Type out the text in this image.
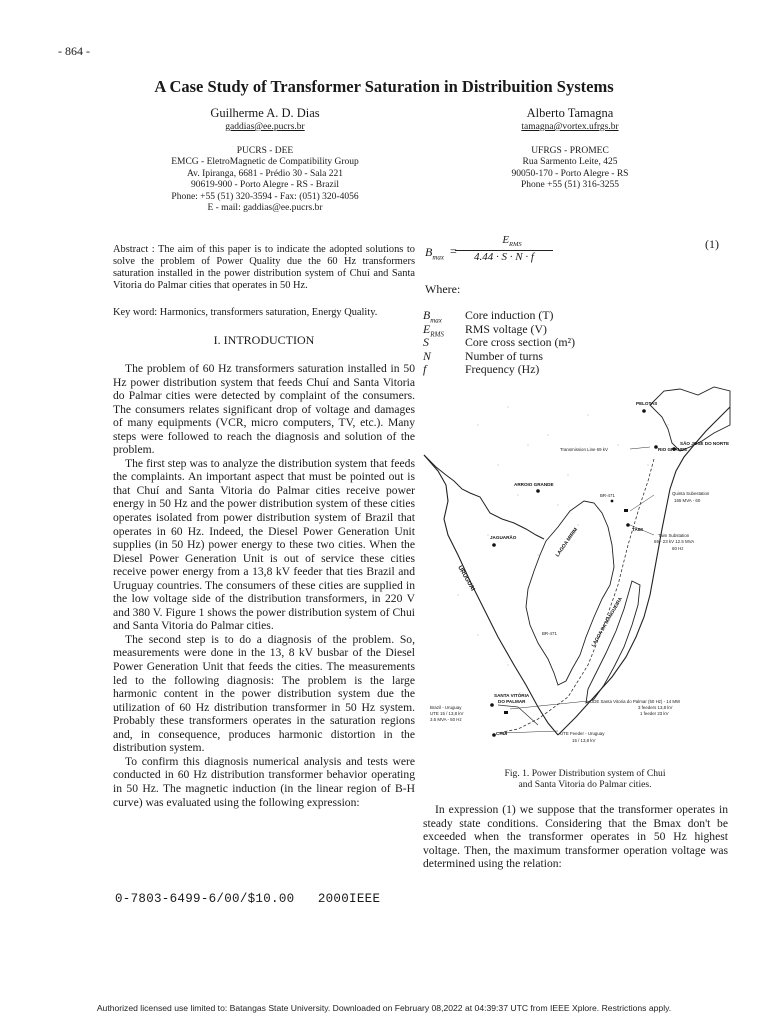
- 864 -
A Case Study of Transformer Saturation in Distribuition Systems
Guilherme A. D. Dias
gaddias@ee.pucrs.br
PUCRS - DEE
EMCG - EletroMagnetic de Compatibility Group
Av. Ipiranga, 6681 - Prédio 30 - Sala 221
90619-900 - Porto Alegre - RS - Brazil
Phone: +55 (51) 320-3594 - Fax: (051) 320-4056
E - mail: gaddias@ee.pucrs.br
Alberto Tamagna
tamagna@vortex.ufrgs.br
UFRGS - PROMEC
Rua Sarmento Leite, 425
90050-170 - Porto Alegre - RS
Phone +55 (51) 316-3255
Abstract : The aim of this paper is to indicate the adopted solutions to solve the problem of Power Quality due the 60 Hz transformers saturation installed in the power distribution system of Chuí and Santa Vitoria do Palmar cities that operates in 50 Hz.
Key word: Harmonics, transformers saturation, Energy Quality.
I. INTRODUCTION

The problem of 60 Hz transformers saturation installed in 50 Hz power distribution system that feeds Chuí and Santa Vitoria do Palmar cities were detected by complaint of the consumers. The consumers relates significant drop of voltage and damages of many equipments (VCR, micro computers, TV, etc.). Many steps were followed to reach the diagnosis and solution of the problem.

The first step was to analyze the distribution system that feeds the complaints. An important aspect that must be pointed out is that Chuí and Santa Vitoria do Palmar cities receive power energy in 50 Hz and the power distribution system of these cities operates isolated from power distribution system of Brazil that operates in 60 Hz. Indeed, the Diesel Power Generation Unit supplies (in 50 Hz) power energy to these two cities. When the Diesel Power Generation Unit is out of service these cities receive power energy from a 13,8 kV feeder that ties Brazil and Uruguay countries. The consumers of these cities are supplied in the low voltage side of the distribution transformers, in 220 V and 380 V. Figure 1 shows the power distribution system of Chui and Santa Vitoria do Palmar cities.

The second step is to do a diagnosis of the problem. So, measurements were done in the 13, 8 kV busbar of the Diesel Power Generation Unit that feeds the cities. The measurements led to the following diagnosis: The problem is the large harmonic content in the power distribution system due the utilization of 60 Hz distribution transformer in 50 Hz system. Probably these transformers operates in the saturation regions and, in consequence, produces harmonic distortion in the distribution system.

To confirm this diagnosis numerical analysis and tests were conducted in 60 Hz distribution transformer behavior operating in 50 Hz. The magnetic induction (in the linear region of B-H curve) was evaluated using the following expression:

$B_{max}$ =
$E_{RMS}$
4.44 · S · N · f
(1)
Where:
$B_{max}$ Core induction (T)
$E_{RMS}$ RMS voltage (V)
S	Core cross section (m²)
N	Number of turns
f	Frequency (Hz)
PELOTAS
Transmission Line 69 kV	RIO GRANDE
SÃO JOSÉ DO NORTE
ARROIO GRANDE
BR-471	Quinta Subestation
165 MVA - 60
TAIM
Taim Substation
69 - 23 kV 12.5 MVA
60 Hz
JAGUARÃO
URUGUAI
LAGOA MIRIM
BR-471	LAGOA DA MANGUEIRA
SANTA VITÓRIA
DO PALMAR	UDE Santa Vitoria do Palmar (50 Hz) - 14 MW
3 feeders 13,8 kV
1 feeder 23 kV
Brazil - Uruguay
UTE 15 / 13,8 kV
3.5 MVA - 50 Hz
CHUÍ	UTE Feeder - Uruguay
15 / 13,8 kV
Fig. 1. Power Distribution system of Chui
and Santa Vitoria do Palmar cities.

In expression (1) we suppose that the transformer operates in steady state conditions. Considering that the Bmax don't be exceeded when the transformer operates in 50 Hz highest voltage. Then, the maximum transformer operation voltage was determined using the relation:

0-7803-6499-6/00/$10.00   2000IEEE
Authorized licensed use limited to: Batangas State University. Downloaded on February 08,2022 at 04:39:37 UTC from IEEE Xplore. Restrictions apply.
